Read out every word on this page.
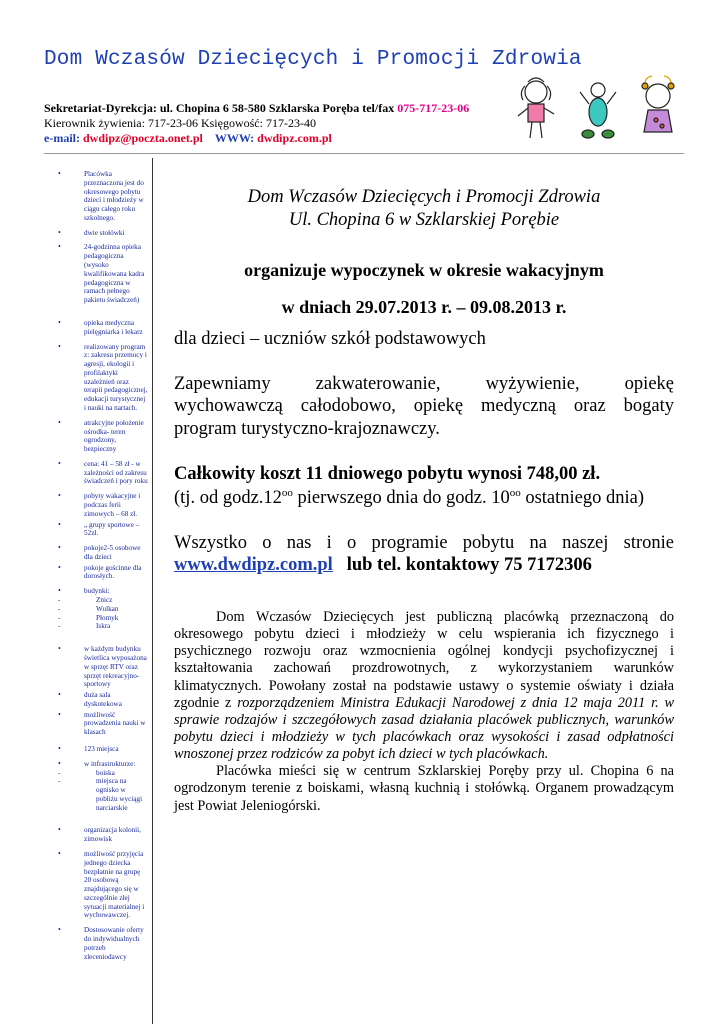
Dom Wczasów Dziecięcych i Promocji Zdrowia
Sekretariat-Dyrekcja: ul. Chopina 6 58-580 Szklarska Poręba tel/fax 075-717-23-06
Kierownik żywienia: 717-23-06 Księgowość: 717-23-40
e-mail: dwdipz@poczta.onet.pl WWW: dwdipz.com.pl
• Placówka przeznaczona jest do okresowego pobytu dzieci i młodzieży w ciągu całego roku szkolnego.
• dwie stołówki
• 24-godzinna opieka pedagogiczna (wysoko kwalifikowana kadra pedagogiczna w ramach pełnego pakietu świadczeń)
• opieka medyczna pielęgniarka i lekarz
• realizowany program z: zakresu przemocy i agresji, ekologii i profilaktyki uzależnień oraz terapii pedagogicznej, edukacji turystycznej i nauki na nartach.
• atrakcyjne położenie ośrodka- teren ogrodzony, bezpieczny
• cena: 41 – 58 zł - w zależności od zakresu świadczeń i pory roku
• pobyty wakacyjne i podczas ferii zimowych – 68 zł.
• „ grupy sportowe – 52zł.
• pokoje2-5 osobowe dla dzieci
• pokoje gościnne dla dorosłych.
• budynki:
- Znicz
- Wulkan
- Płomyk
- Iskra
• w każdym budynku świetlica wyposażona w sprzęt RTV oraz sprzęt rekreacyjno-sportowy
• duża sala dyskotekowa
• możliwość prowadzenia nauki w klasach
• 123 miejsca
• w infrastrukturze:
- boiska
- miejsca na ognisko w pobliżu wyciągi narciarskie
• organizacja kolonii, zimowisk
• możliwość przyjęcia jednego dziecka bezpłatnie na grupę 20 osobową znajdującego się w szczególnie złej sytuacji materialnej i wychowawczej.
• Dostosowanie oferty do indywidualnych potrzeb zleceniodawcy
Dom Wczasów Dziecięcych i Promocji Zdrowia
Ul. Chopina 6 w Szklarskiej Porębie
organizuje wypoczynek w okresie wakacyjnym
w dniach 29.07.2013 r. – 09.08.2013 r.
dla dzieci – uczniów szkół podstawowych
Zapewniamy zakwaterowanie, wyżywienie, opiekę
wychowawczą całodobowo, opiekę medyczną oraz bogaty
program turystyczno-krajoznawczy.
Całkowity koszt 11 dniowego pobytu wynosi 748,00 zł.
(tj. od $godz.12^{oo}$ pierwszego dnia do godz. $10^{oo}$ ostatniego dnia)
Wszystko o nas i o programie pobytu na naszej stronie
www.dwdipz.com.pl lub tel. kontaktowy 75 7172306
Dom Wczasów Dziecięcych jest publiczną placówką przeznaczoną do okresowego pobytu dzieci i młodzieży w celu wspierania ich fizycznego i psychicznego rozwoju oraz wzmocnienia ogólnej kondycji psychofizycznej i kształtowania zachowań prozdrowotnych, z wykorzystaniem warunków klimatycznych. Powołany został na podstawie ustawy o systemie oświaty i działa zgodnie z rozporządzeniem Ministra Edukacji Narodowej z dnia 12 maja 2011 r. w sprawie rodzajów i szczegółowych zasad działania placówek publicznych, warunków pobytu dzieci i młodzieży w tych placówkach oraz wysokości i zasad odpłatności wnoszonej przez rodziców za pobyt ich dzieci w tych placówkach.
Placówka mieści się w centrum Szklarskiej Poręby przy ul. Chopina 6 na ogrodzonym terenie z boiskami, własną kuchnią i stołówką. Organem prowadzącym jest Powiat Jeleniogórski.
